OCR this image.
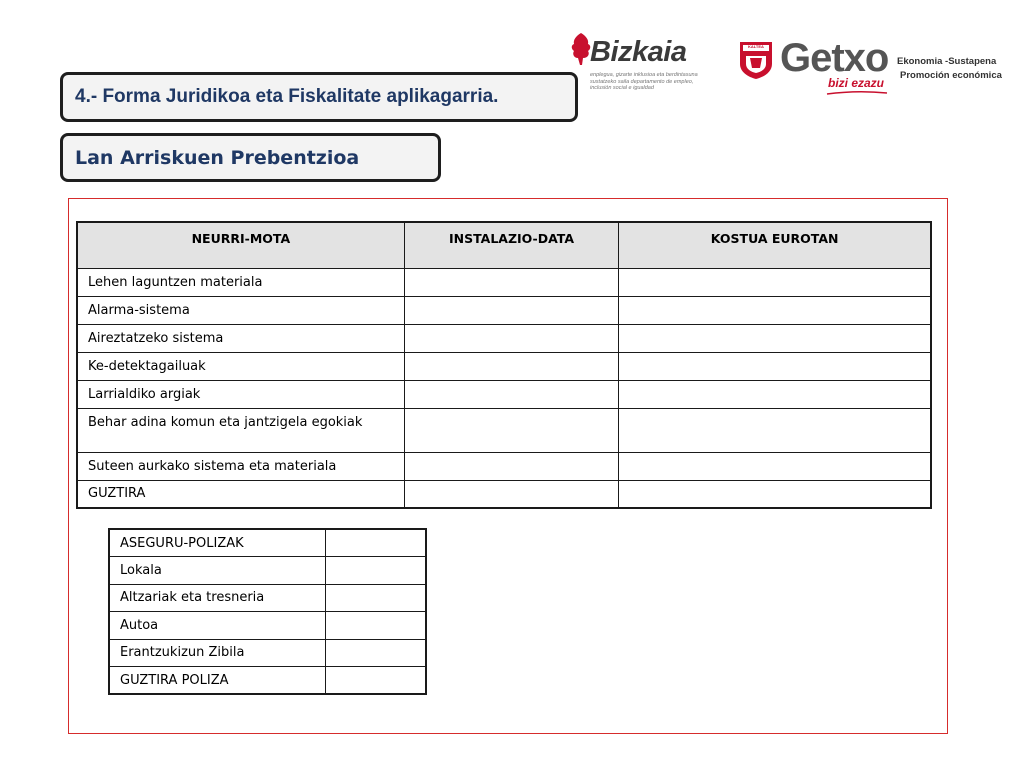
Bizkaia
enplegua, gizarte inklusioa eta berdintasuna sustatzeko saila departamento de empleo, inclusión social e igualdad
KALTEA Getxo
bizi ezazu
Ekonomia -Sustapena
Promoción económica
4.- Forma Juridikoa eta Fiskalitate aplikagarria.
Lan Arriskuen Prebentzioa
NEURRI-MOTA	INSTALAZIO-DATA	KOSTUA EUROTAN
Lehen laguntzen materiala		
Alarma-sistema		
Aireztatzeko sistema		
Ke-detektagailuak		
Larrialdiko argiak		
Behar adina komun eta jantzigela egokiak		
Suteen aurkako sistema eta materiala		
GUZTIRA		
ASEGURU-POLIZAK	
Lokala	
Altzariak eta tresneria	
Autoa	
Erantzukizun Zibila	
GUZTIRA POLIZA	
